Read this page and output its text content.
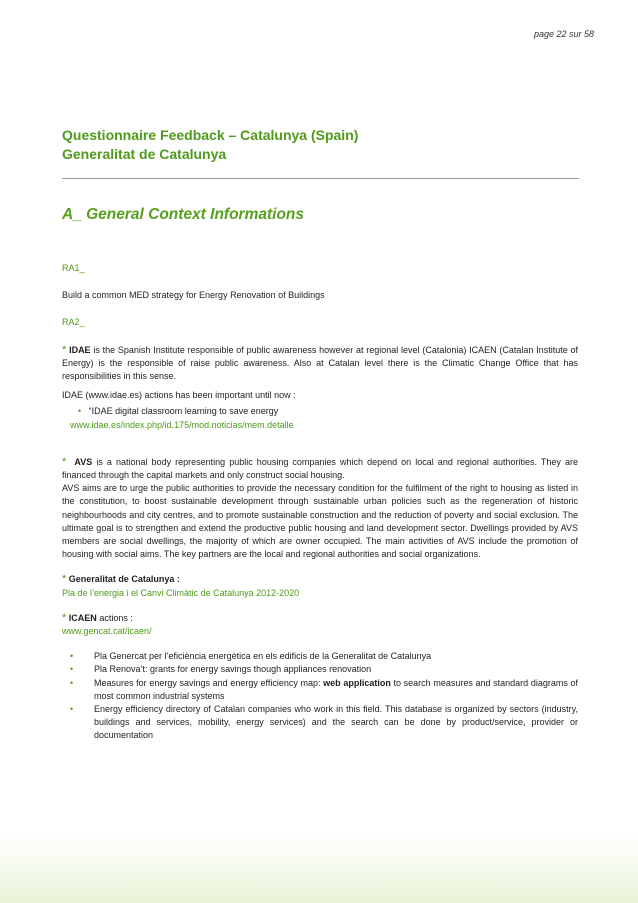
page 22 sur 58
Questionnaire Feedback – Catalunya (Spain)
Generalitat de Catalunya
A_ General Context Informations

RA1_

Build a common MED strategy for Energy Renovation of Buildings

RA2_

* IDAE is the Spanish Institute responsible of public awareness however at regional level (Catalonia) ICAEN (Catalan Institute of Energy) is the responsible of raise public awareness. Also at Catalan level there is the Climatic Change Office that has responsibilities in this sense.

IDAE (www.idae.es) actions has been important until now :

• “IDAE digital classroom learning to save energy

www.idae.es/index.php/id.175/mod.noticias/mem.detalle

* AVS is a national body representing public housing companies which depend on local and regional authorities. They are financed through the capital markets and only construct social housing.

AVS aims are to urge the public authorities to provide the necessary condition for the fulfilment of the right to housing as listed in the constitution, to boost sustainable development through sustainable urban policies such as the regeneration of historic neighbourhoods and city centres, and to promote sustainable construction and the reduction of poverty and social exclusion. The ultimate goal is to strengthen and extend the productive public housing and land development sector. Dwellings provided by AVS members are social dwellings, the majority of which are owner occupied. The main activities of AVS include the promotion of housing with social aims. The key partners are the local and regional authorities and social organizations.

* Generalitat de Catalunya :

Pla de l’energia i el Canvi Climàtic de Catalunya 2012-2020

* ICAEN actions :

www.gencat.cat/icaen/

• Pla Genercat per l’eficiència energètica en els edificis de la Generalitat de Catalunya
• Pla Renova’t: grants for energy savings though appliances renovation
• Measures for energy savings and energy efficiency map: web application to search measures and standard diagrams of most common industrial systems
• Energy efficiency directory of Catalan companies who work in this field. This database is organized by sectors (industry, buildings and services, mobility, energy services) and the search can be done by product/service, provider or documentation
